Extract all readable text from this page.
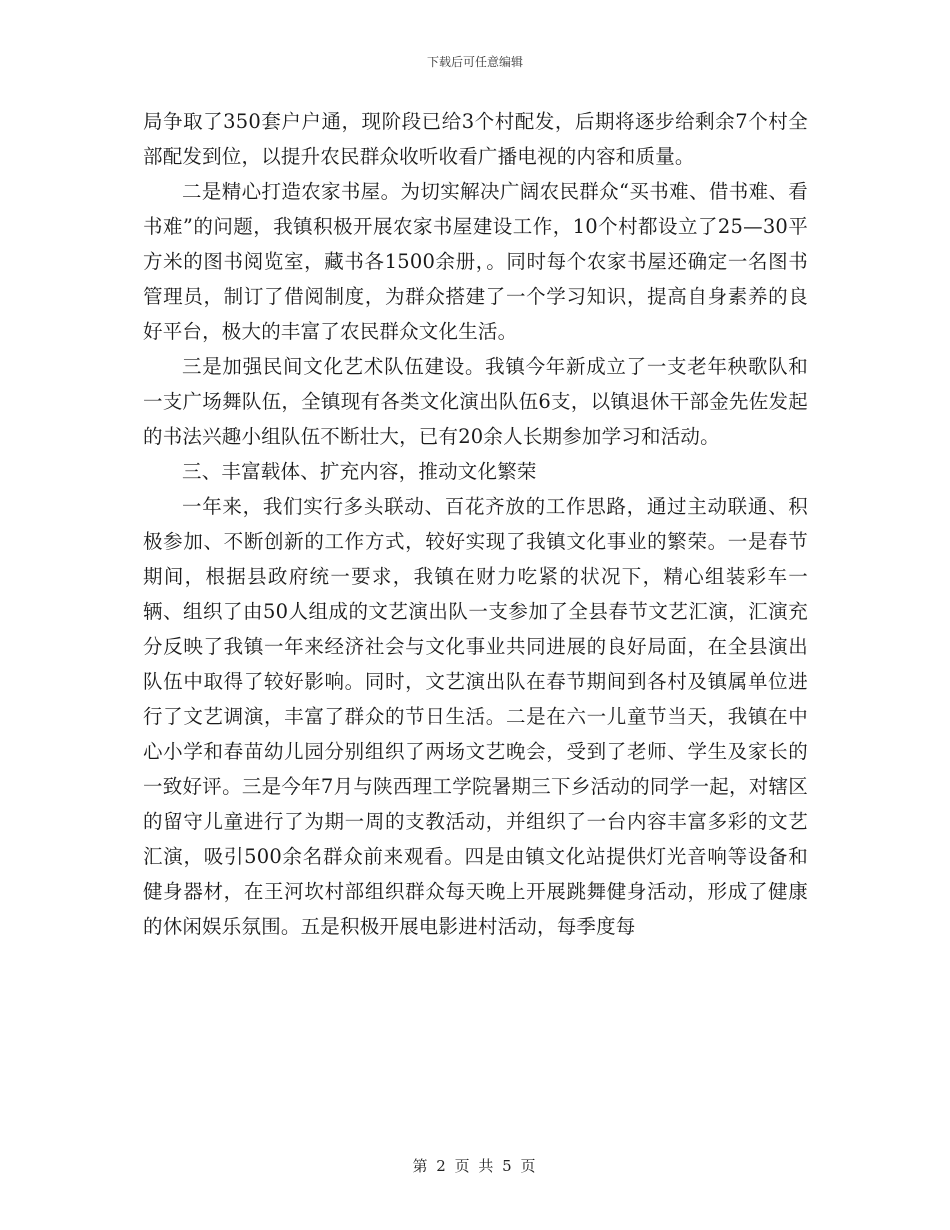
下载后可任意编辑

局争取了350套户户通，现阶段已给3个村配发，后期将逐步给剩余7个村全部配发到位，以提升农民群众收听收看广播电视的内容和质量。

二是精心打造农家书屋。为切实解决广阔农民群众“买书难、借书难、看书难”的问题，我镇积极开展农家书屋建设工作，10个村都设立了25—30平方米的图书阅览室，藏书各1500余册，。同时每个农家书屋还确定一名图书管理员，制订了借阅制度，为群众搭建了一个学习知识，提高自身素养的良好平台，极大的丰富了农民群众文化生活。

三是加强民间文化艺术队伍建设。我镇今年新成立了一支老年秧歌队和一支广场舞队伍，全镇现有各类文化演出队伍6支，以镇退休干部金先佐发起的书法兴趣小组队伍不断壮大，已有20余人长期参加学习和活动。

三、丰富载体、扩充内容，推动文化繁荣

一年来，我们实行多头联动、百花齐放的工作思路，通过主动联通、积极参加、不断创新的工作方式，较好实现了我镇文化事业的繁荣。一是春节期间，根据县政府统一要求，我镇在财力吃紧的状况下，精心组装彩车一辆、组织了由50人组成的文艺演出队一支参加了全县春节文艺汇演，汇演充分反映了我镇一年来经济社会与文化事业共同进展的良好局面，在全县演出队伍中取得了较好影响。同时，文艺演出队在春节期间到各村及镇属单位进行了文艺调演，丰富了群众的节日生活。二是在六一儿童节当天，我镇在中心小学和春苗幼儿园分别组织了两场文艺晚会，受到了老师、学生及家长的一致好评。三是今年7月与陕西理工学院暑期三下乡活动的同学一起，对辖区的留守儿童进行了为期一周的支教活动，并组织了一台内容丰富多彩的文艺汇演，吸引500余名群众前来观看。四是由镇文化站提供灯光音响等设备和健身器材，在王河坎村部组织群众每天晚上开展跳舞健身活动，形成了健康的休闲娱乐氛围。五是积极开展电影进村活动，每季度每

第 2 页 共 5 页
